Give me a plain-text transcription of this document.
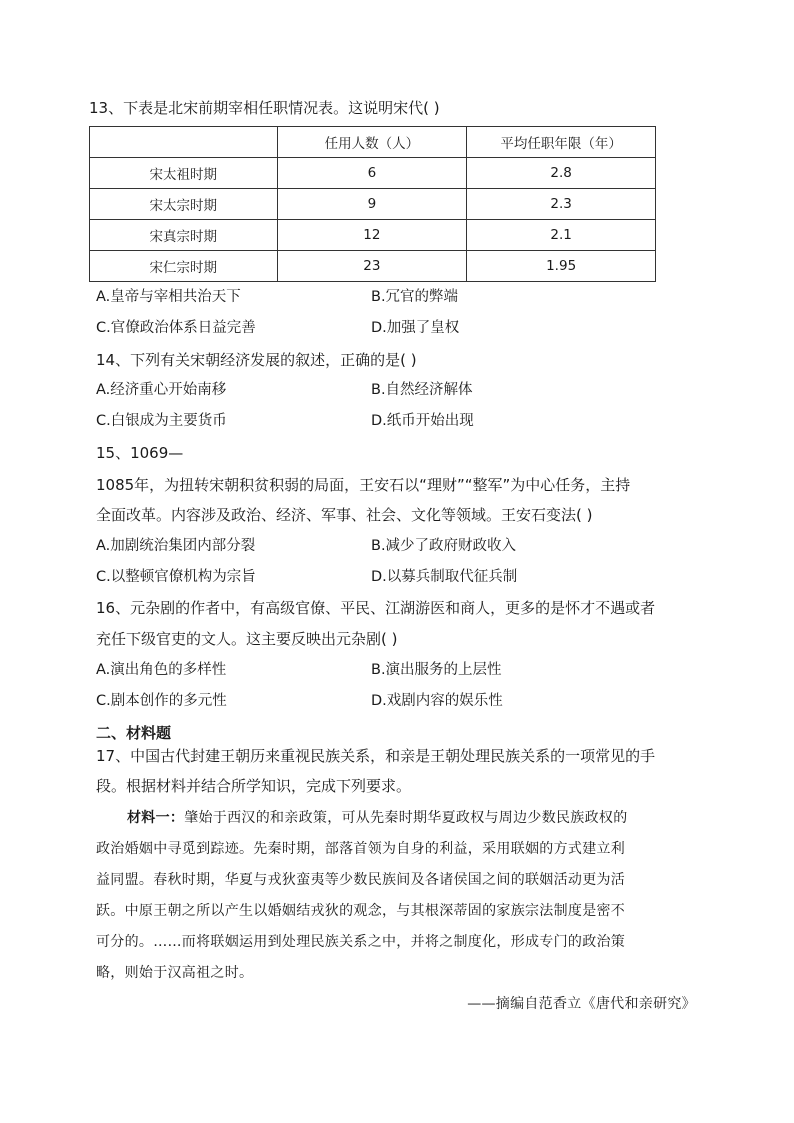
13、下表是北宋前期宰相任职情况表。这说明宋代( )
	任用人数（人）	平均任职年限（年）
宋太祖时期	6	2.8
宋太宗时期	9	2.3
宋真宗时期	12	2.1
宋仁宗时期	23	1.95
A.皇帝与宰相共治天下	B.冗官的弊端
C.官僚政治体系日益完善	D.加强了皇权
14、下列有关宋朝经济发展的叙述，正确的是( )
A.经济重心开始南移	B.自然经济解体
C.白银成为主要货币	D.纸币开始出现
15、1069—
1085年，为扭转宋朝积贫积弱的局面，王安石以“理财”“整军”为中心任务，主持
全面改革。内容涉及政治、经济、军事、社会、文化等领域。王安石变法( )
A.加剧统治集团内部分裂	B.减少了政府财政收入
C.以整顿官僚机构为宗旨	D.以募兵制取代征兵制
16、元杂剧的作者中，有高级官僚、平民、江湖游医和商人，更多的是怀才不遇或者
充任下级官吏的文人。这主要反映出元杂剧( )
A.演出角色的多样性	B.演出服务的上层性
C.剧本创作的多元性	D.戏剧内容的娱乐性
二、材料题
17、中国古代封建王朝历来重视民族关系，和亲是王朝处理民族关系的一项常见的手
段。根据材料并结合所学知识，完成下列要求。
材料一：肇始于西汉的和亲政策，可从先秦时期华夏政权与周边少数民族政权的
政治婚姻中寻觅到踪迹。先秦时期，部落首领为自身的利益，采用联姻的方式建立利
益同盟。春秋时期，华夏与戎狄蛮夷等少数民族间及各诸侯国之间的联姻活动更为活
跃。中原王朝之所以产生以婚姻结戎狄的观念，与其根深蒂固的家族宗法制度是密不
可分的。……而将联姻运用到处理民族关系之中，并将之制度化，形成专门的政治策
略，则始于汉高祖之时。
——摘编自范香立《唐代和亲研究》
